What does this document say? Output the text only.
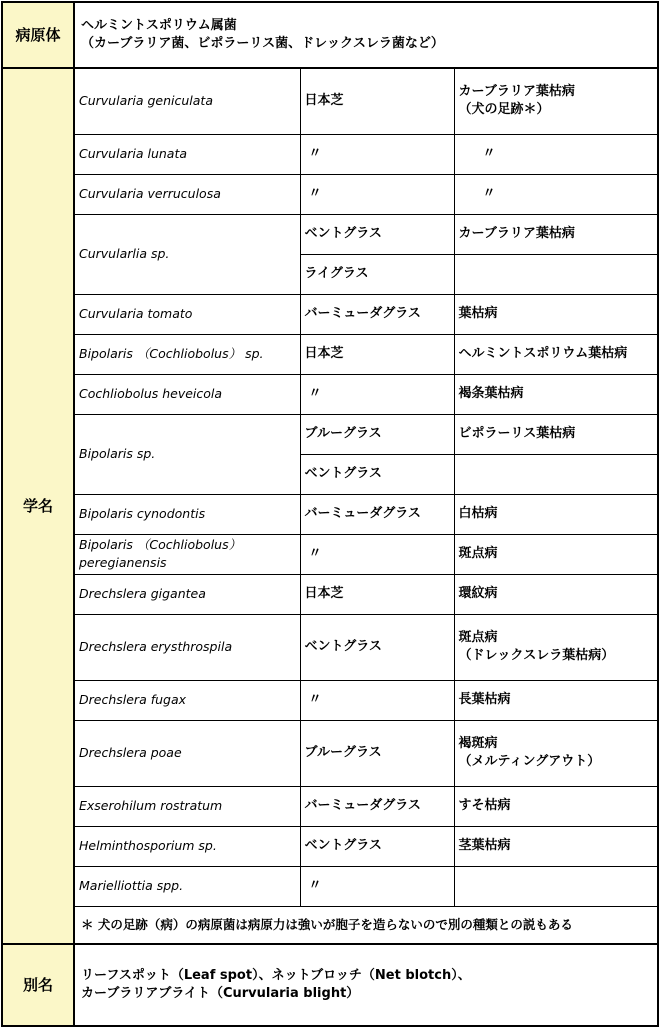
病原体	ヘルミントスポリウム属菌
（カーブラリア菌、ビポラーリス菌、ドレックスレラ菌など）		

学名	Curvularia geniculata	日本芝	カーブラリア葉枯病
（犬の足跡＊）

	Curvularia lunata	〃	〃
	Curvularia verruculosa	〃	〃
	Curvularlia sp.	ベントグラス	カーブラリア葉枯病
		ライグラス	
	Curvularia tomato	バーミューダグラス	葉枯病
	Bipolaris （Cochliobolus） sp.	日本芝	ヘルミントスポリウム葉枯病
	Cochliobolus heveicola	〃	褐条葉枯病
	Bipolaris sp.	ブルーグラス	ビポラーリス葉枯病
		ベントグラス	
	Bipolaris cynodontis	バーミューダグラス	白枯病

	Bipolaris （Cochliobolus）
peregianensis	〃	斑点病
	Drechslera gigantea	日本芝	環紋病
	Drechslera erysthrospila	ベントグラス	斑点病
（ドレックスレラ葉枯病）

	Drechslera fugax	〃	長葉枯病
	Drechslera poae	ブルーグラス	褐斑病
（メルティングアウト）

	Exserohilum rostratum	バーミューダグラス	すそ枯病
	Helminthosporium sp.	ベントグラス	茎葉枯病
	Marielliottia spp.	〃	
	＊ 犬の足跡（病）の病原菌は病原力は強いが胞子を造らないので別の種類との説もある		

別名	リーフスポット（Leaf spot）、ネットブロッチ（Net blotch）、
カーブラリアブライト（Curvularia blight）		
